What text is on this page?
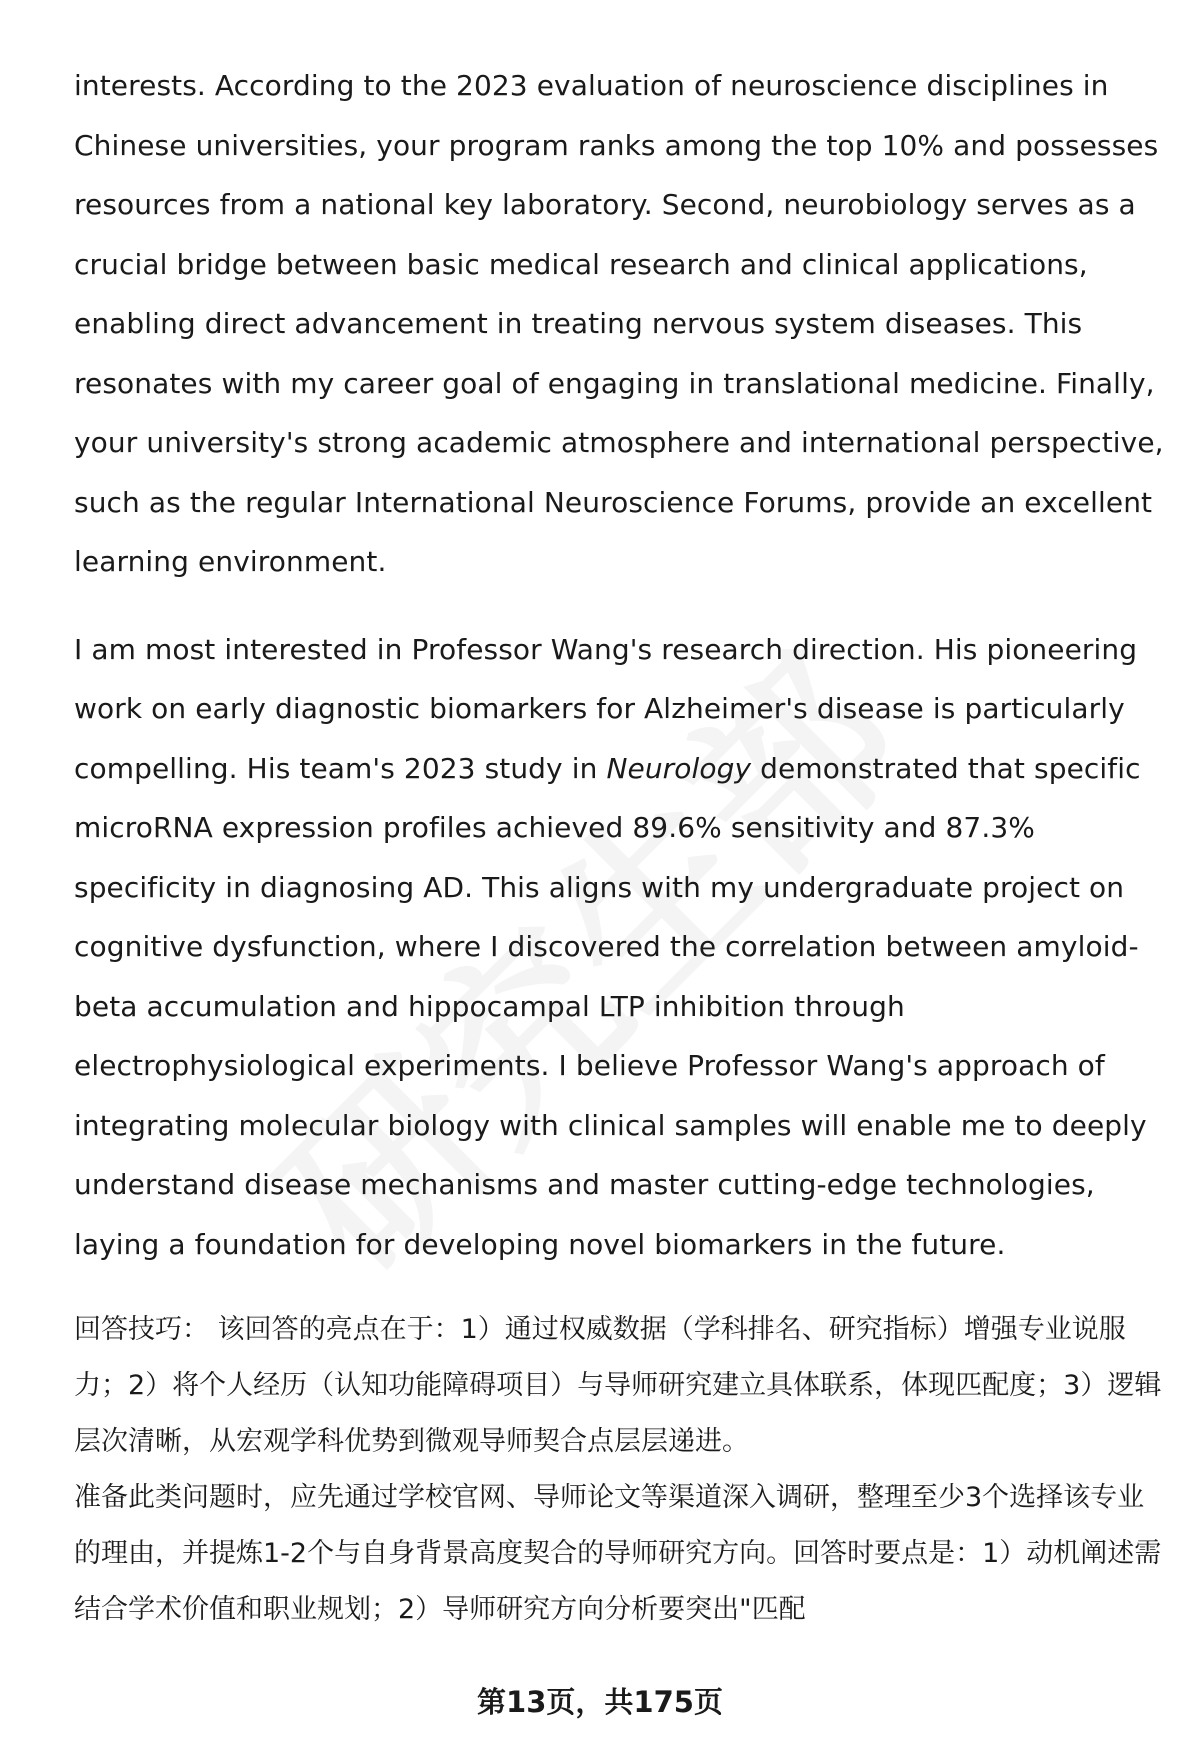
interests. According to the 2023 evaluation of neuroscience disciplines in Chinese universities, your program ranks among the top 10% and possesses resources from a national key laboratory. Second, neurobiology serves as a crucial bridge between basic medical research and clinical applications, enabling direct advancement in treating nervous system diseases. This resonates with my career goal of engaging in translational medicine. Finally, your university's strong academic atmosphere and international perspective, such as the regular International Neuroscience Forums, provide an excellent learning environment.

I am most interested in Professor Wang's research direction. His pioneering work on early diagnostic biomarkers for Alzheimer's disease is particularly compelling. His team's 2023 study in Neurology demonstrated that specific microRNA expression profiles achieved 89.6% sensitivity and 87.3% specificity in diagnosing AD. This aligns with my undergraduate project on cognitive dysfunction, where I discovered the correlation between amyloid-beta accumulation and hippocampal LTP inhibition through electrophysiological experiments. I believe Professor Wang's approach of integrating molecular biology with clinical samples will enable me to deeply understand disease mechanisms and master cutting-edge technologies, laying a foundation for developing novel biomarkers in the future.

回答技巧： 该回答的亮点在于：1）通过权威数据（学科排名、研究指标）增强专业说服力；2）将个人经历（认知功能障碍项目）与导师研究建立具体联系，体现匹配度；3）逻辑层次清晰，从宏观学科优势到微观导师契合点层层递进。

准备此类问题时，应先通过学校官网、导师论文等渠道深入调研，整理至少3个选择该专业的理由，并提炼1-2个与自身背景高度契合的导师研究方向。回答时要点是：1）动机阐述需结合学术价值和职业规划；2）导师研究方向分析要突出"匹配

第13页，共175页
